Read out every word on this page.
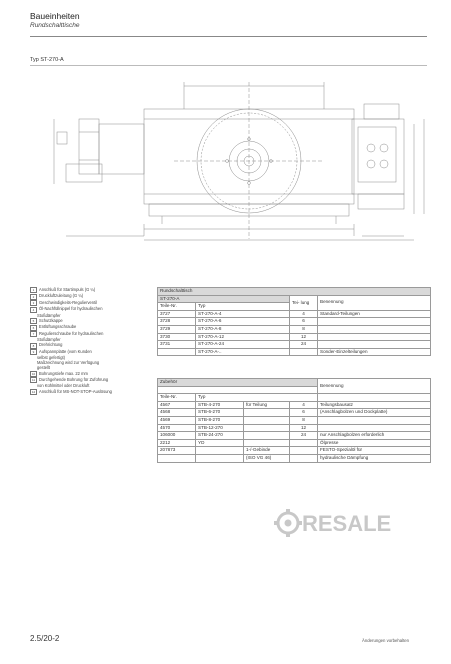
Baueinheiten
Rundschalttische
Typ ST-270-A
1	Anschluß für Startimpuls (G ¼)
2	Druckluftzuleitung (G ¼)
3	Geschwindigkeits-Regulierventil
4	Öl-Nachfüllnippel für hydraulischen
Stoßdämpfer
5	Schutzkappe
6	Entlüftungsschraube
7	Regulierschraube für hydraulischen
Stoßdämpfer
8	Drehrichtung
9	Aufspannplatte (vom Kunden
selbst gefertigt)
Maßzeichnung wird zur Verfügung
gestellt
10 Bohrungstiefe max. 22 mm
11 Durchgehende Bohrung für Zuführung
von Kühlmittel oder Druckluft
12 Anschluß für MS-NOT-STOP-Auslösung
Rundschalttisch			
ST-270-A		Tei- lung	Benennung
Teile-Nr.	Typ		
3727	ST-270-A-4	4	Standard-Teilungen
3728	ST-270-A-6	6	
3729	ST-270-A-8	8	
3730	ST-270-A-12	12	
3731	ST-270-A-24	24	
	ST-270-A-..		Sonder-Einzelteilungen
Zubehör				Benennung

Teile-Nr.	Typ			
4567	STB-4-270	für Teilung	4	Teilungsbausatz
4568	STB-6-270		6	(Anschlagbolzen und Dockplatte)
4569	STB-8-270		8	
4570	STB-12-270		12	
106000	STB-24-270		24	nur Anschlagbolzen erforderlich
2212	YD			Ölpresse
207873		1-/-Gebinde		FESTO-Spezialöl für
		(ISO VG 46)		hydraulische Dämpfung
RESALE
2.5/20-2	Änderungen vorbehalten
